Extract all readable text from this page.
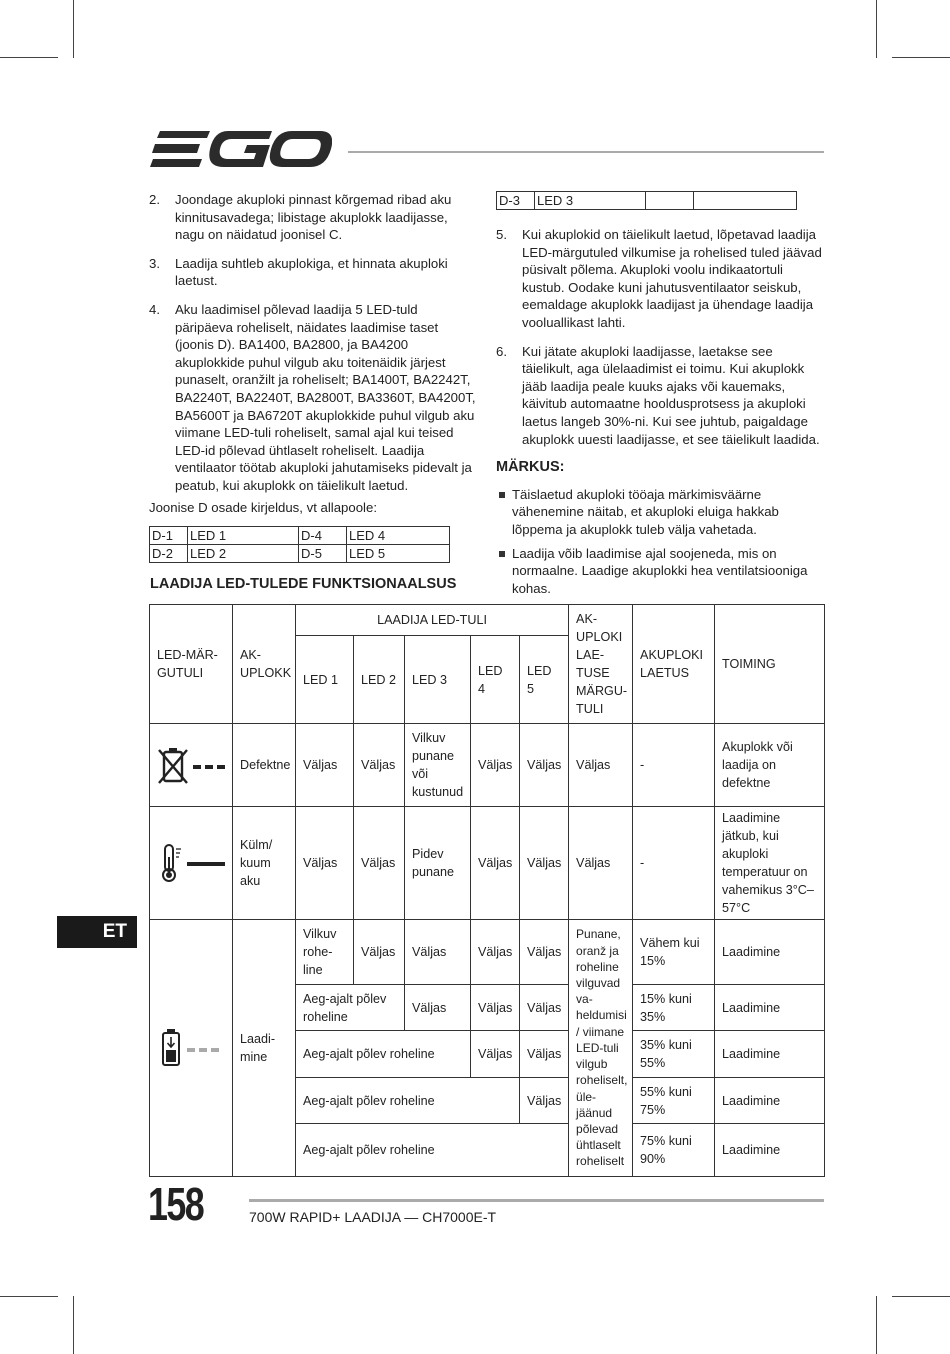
2. Joondage akuploki pinnast kõrgemad ribad aku kinnitusavadega; libistage akuplokk laadijasse, nagu on näidatud joonisel C.
3. Laadija suhtleb akuplokiga, et hinnata akuploki laetust.
4. Aku laadimisel põlevad laadija 5 LED-tuld päripäeva roheliselt, näidates laadimise taset (joonis D). BA1400, BA2800, ja BA4200 akuplokkide puhul vilgub aku toitenäidik järjest punaselt, oranžilt ja roheliselt; BA1400T, BA2242T, BA2240T, BA2240T, BA2800T, BA3360T, BA4200T, BA5600T ja BA6720T akuplokkide puhul vilgub aku viimane LED-tuli roheliselt, samal ajal kui teised LED-id põlevad ühtlaselt roheliselt. Laadija ventilaator töötab akuploki jahutamiseks pidevalt ja peatub, kui akuplokk on täielikult laetud.

Joonise D osade kirjeldus, vt allapoole:

D-1	LED 1	D-4	LED 4
D-2	LED 2	D-5	LED 5
D-3	LED 3		
5. Kui akuplokid on täielikult laetud, lõpetavad laadija LED-märgutuled vilkumise ja rohelised tuled jäävad püsivalt põlema. Akuploki voolu indikaatortuli kustub. Oodake kuni jahutusventilaator seiskub, eemaldage akuplokk laadijast ja ühendage laadija vooluallikast lahti.
6. Kui jätate akuploki laadijasse, laetakse see täielikult, aga ülelaadimist ei toimu. Kui akuplokk jääb laadija peale kuuks ajaks või kauemaks, käivitub automaatne hooldusprotsess ja akuploki laetus langeb 30%-ni. Kui see juhtub, paigaldage akuplokk uuesti laadijasse, et see täielikult laadida.
MÄRKUS:
Täislaetud akuploki tööaja märkimisväärne vähenemine näitab, et akuploki eluiga hakkab lõppema ja akuplokk tuleb välja vahetada.
Laadija võib laadimise ajal soojeneda, mis on normaalne. Laadige akuplokki hea ventilatsiooniga kohas.
LAADIJA LED-TULEDE FUNKTSIONAALSUS
LED-MÄR-GUTULI	AK-UPLOKK	LAADIJA LED-TULI					AK-UPLOKI LAE-TUSE MÄRGU-TULI	AKUPLOKI LAETUS	TOIMING
		LED 1	LED 2	LED 3	LED 4	LED 5			

	Defektne	Väljas	Väljas	Vilkuv punane või kustunud	Väljas	Väljas	Väljas	-	Akuplokk või laadija on defektne

	Külm/ kuum aku	Väljas	Väljas	Pidev punane	Väljas	Väljas	Väljas	-	Laadimine jätkub, kui akuploki temperatuur on vahemikus 3°C–57°C

	Laadi-mine	Vilkuv rohe-line	Väljas	Väljas	Väljas	Väljas	Punane, oranž ja roheline vilguvad va-heldumisi / viimane LED-tuli vilgub roheliselt, üle-jäänud põlevad ühtlaselt roheliselt	Vähem kui 15%	Laadimine
		Aeg-ajalt põlev roheline		Väljas	Väljas	Väljas		15% kuni 35%	Laadimine
		Aeg-ajalt põlev roheline			Väljas	Väljas		35% kuni 55%	Laadimine
		Aeg-ajalt põlev roheline				Väljas		55% kuni 75%	Laadimine
		Aeg-ajalt põlev roheline						75% kuni 90%	Laadimine
ET
158	700W RAPID+ LAADIJA — CH7000E-T
